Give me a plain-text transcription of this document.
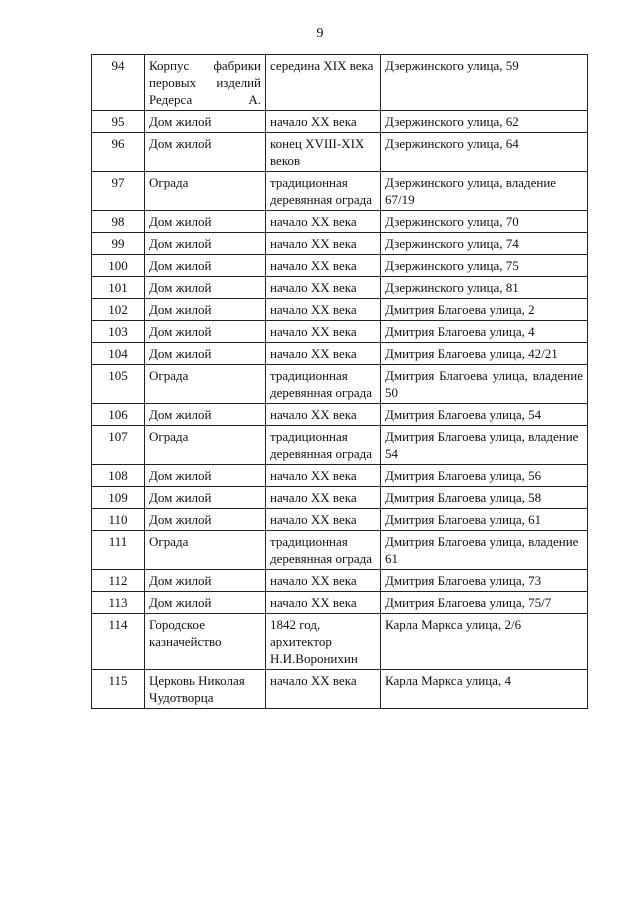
9
94	Корпус фабрики перовых изделий Редерса А.	середина XIX века	Дзержинского улица, 59
95	Дом жилой	начало XX века	Дзержинского улица, 62
96	Дом жилой	конец XVIII-XIX веков	Дзержинского улица, 64
97	Ограда	традиционная деревянная ограда	Дзержинского улица, владение 67/19
98	Дом жилой	начало XX века	Дзержинского улица, 70
99	Дом жилой	начало XX века	Дзержинского улица, 74
100	Дом жилой	начало XX века	Дзержинского улица, 75
101	Дом жилой	начало XX века	Дзержинского улица, 81
102	Дом жилой	начало XX века	Дмитрия Благоева улица, 2
103	Дом жилой	начало XX века	Дмитрия Благоева улица, 4
104	Дом жилой	начало XX века	Дмитрия Благоева улица, 42/21
105	Ограда	традиционная деревянная ограда	Дмитрия Благоева улица, владение 50
106	Дом жилой	начало XX века	Дмитрия Благоева улица, 54
107	Ограда	традиционная деревянная ограда	Дмитрия Благоева улица, владение 54
108	Дом жилой	начало XX века	Дмитрия Благоева улица, 56
109	Дом жилой	начало XX века	Дмитрия Благоева улица, 58
110	Дом жилой	начало XX века	Дмитрия Благоева улица, 61
111	Ограда	традиционная деревянная ограда	Дмитрия Благоева улица, владение 61
112	Дом жилой	начало XX века	Дмитрия Благоева улица, 73
113	Дом жилой	начало XX века	Дмитрия Благоева улица, 75/7
114	Городское казначейство	1842 год, архитектор Н.И.Воронихин	Карла Маркса улица, 2/6
115	Церковь Николая Чудотворца	начало XX века	Карла Маркса улица, 4
